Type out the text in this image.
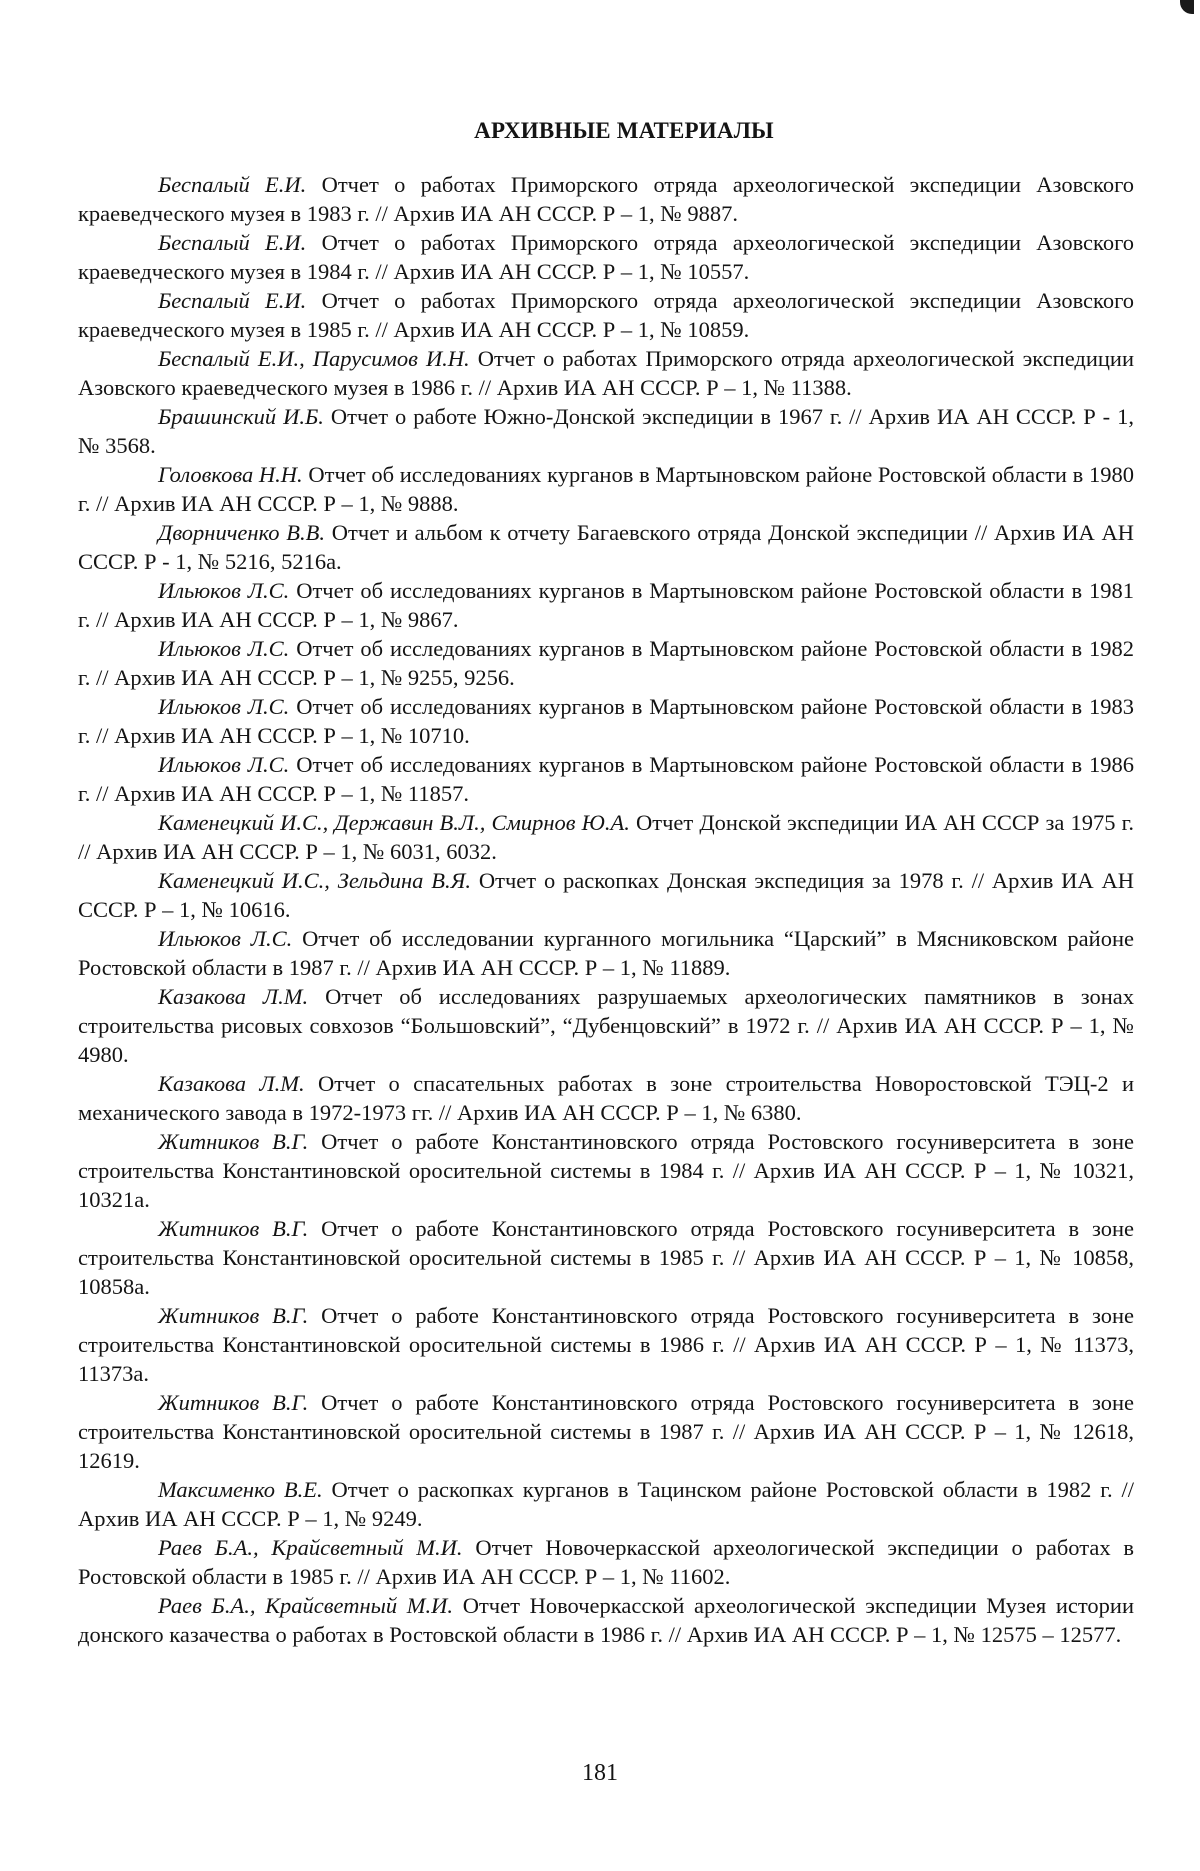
АРХИВНЫЕ МАТЕРИАЛЫ

Беспалый Е.И. Отчет о работах Приморского отряда археологической экспедиции Азовского краеведческого музея в 1983 г. // Архив ИА АН СССР. Р – 1, № 9887.

Беспалый Е.И. Отчет о работах Приморского отряда археологической экспедиции Азовского краеведческого музея в 1984 г. // Архив ИА АН СССР. Р – 1, № 10557.

Беспалый Е.И. Отчет о работах Приморского отряда археологической экспедиции Азовского краеведческого музея в 1985 г. // Архив ИА АН СССР. Р – 1, № 10859.

Беспалый Е.И., Парусимов И.Н. Отчет о работах Приморского отряда археологической экспедиции Азовского краеведческого музея в 1986 г. // Архив ИА АН СССР. Р – 1, № 11388.

Брашинский И.Б. Отчет о работе Южно-Донской экспедиции в 1967 г. // Архив ИА АН СССР. Р - 1, № 3568.

Головкова Н.Н. Отчет об исследованиях курганов в Мартыновском районе Ростовской области в 1980 г. // Архив ИА АН СССР. Р – 1, № 9888.

Дворниченко В.В. Отчет и альбом к отчету Багаевского отряда Донской экспедиции // Архив ИА АН СССР. Р - 1, № 5216, 5216а.

Ильюков Л.С. Отчет об исследованиях курганов в Мартыновском районе Ростовской области в 1981 г. // Архив ИА АН СССР. Р – 1, № 9867.

Ильюков Л.С. Отчет об исследованиях курганов в Мартыновском районе Ростовской области в 1982 г. // Архив ИА АН СССР. Р – 1, № 9255, 9256.

Ильюков Л.С. Отчет об исследованиях курганов в Мартыновском районе Ростовской области в 1983 г. // Архив ИА АН СССР. Р – 1, № 10710.

Ильюков Л.С. Отчет об исследованиях курганов в Мартыновском районе Ростовской области в 1986 г. // Архив ИА АН СССР. Р – 1, № 11857.

Каменецкий И.С., Державин В.Л., Смирнов Ю.А. Отчет Донской экспедиции ИА АН СССР за 1975 г. // Архив ИА АН СССР. Р – 1, № 6031, 6032.

Каменецкий И.С., Зельдина В.Я. Отчет о раскопках Донская экспедиция за 1978 г. // Архив ИА АН СССР. Р – 1, № 10616.

Ильюков Л.С. Отчет об исследовании курганного могильника “Царский” в Мясниковском районе Ростовской области в 1987 г. // Архив ИА АН СССР. Р – 1, № 11889.

Казакова Л.М. Отчет об исследованиях разрушаемых археологических памятников в зонах строительства рисовых совхозов “Большовский”, “Дубенцовский” в 1972 г. // Архив ИА АН СССР. Р – 1, № 4980.

Казакова Л.М. Отчет о спасательных работах в зоне строительства Новоростовской ТЭЦ-2 и механического завода в 1972-1973 гг. // Архив ИА АН СССР. Р – 1, № 6380.

Житников В.Г. Отчет о работе Константиновского отряда Ростовского госуниверситета в зоне строительства Константиновской оросительной системы в 1984 г. // Архив ИА АН СССР. Р – 1, № 10321, 10321а.

Житников В.Г. Отчет о работе Константиновского отряда Ростовского госуниверситета в зоне строительства Константиновской оросительной системы в 1985 г. // Архив ИА АН СССР. Р – 1, № 10858, 10858а.

Житников В.Г. Отчет о работе Константиновского отряда Ростовского госуниверситета в зоне строительства Константиновской оросительной системы в 1986 г. // Архив ИА АН СССР. Р – 1, № 11373, 11373а.

Житников В.Г. Отчет о работе Константиновского отряда Ростовского госуниверситета в зоне строительства Константиновской оросительной системы в 1987 г. // Архив ИА АН СССР. Р – 1, № 12618, 12619.

Максименко В.Е. Отчет о раскопках курганов в Тацинском районе Ростовской области в 1982 г. // Архив ИА АН СССР. Р – 1, № 9249.

Раев Б.А., Крайсветный М.И. Отчет Новочеркасской археологической экспедиции о работах в Ростовской области в 1985 г. // Архив ИА АН СССР. Р – 1, № 11602.

Раев Б.А., Крайсветный М.И. Отчет Новочеркасской археологической экспедиции Музея истории донского казачества о работах в Ростовской области в 1986 г. // Архив ИА АН СССР. Р – 1, № 12575 – 12577.

181
